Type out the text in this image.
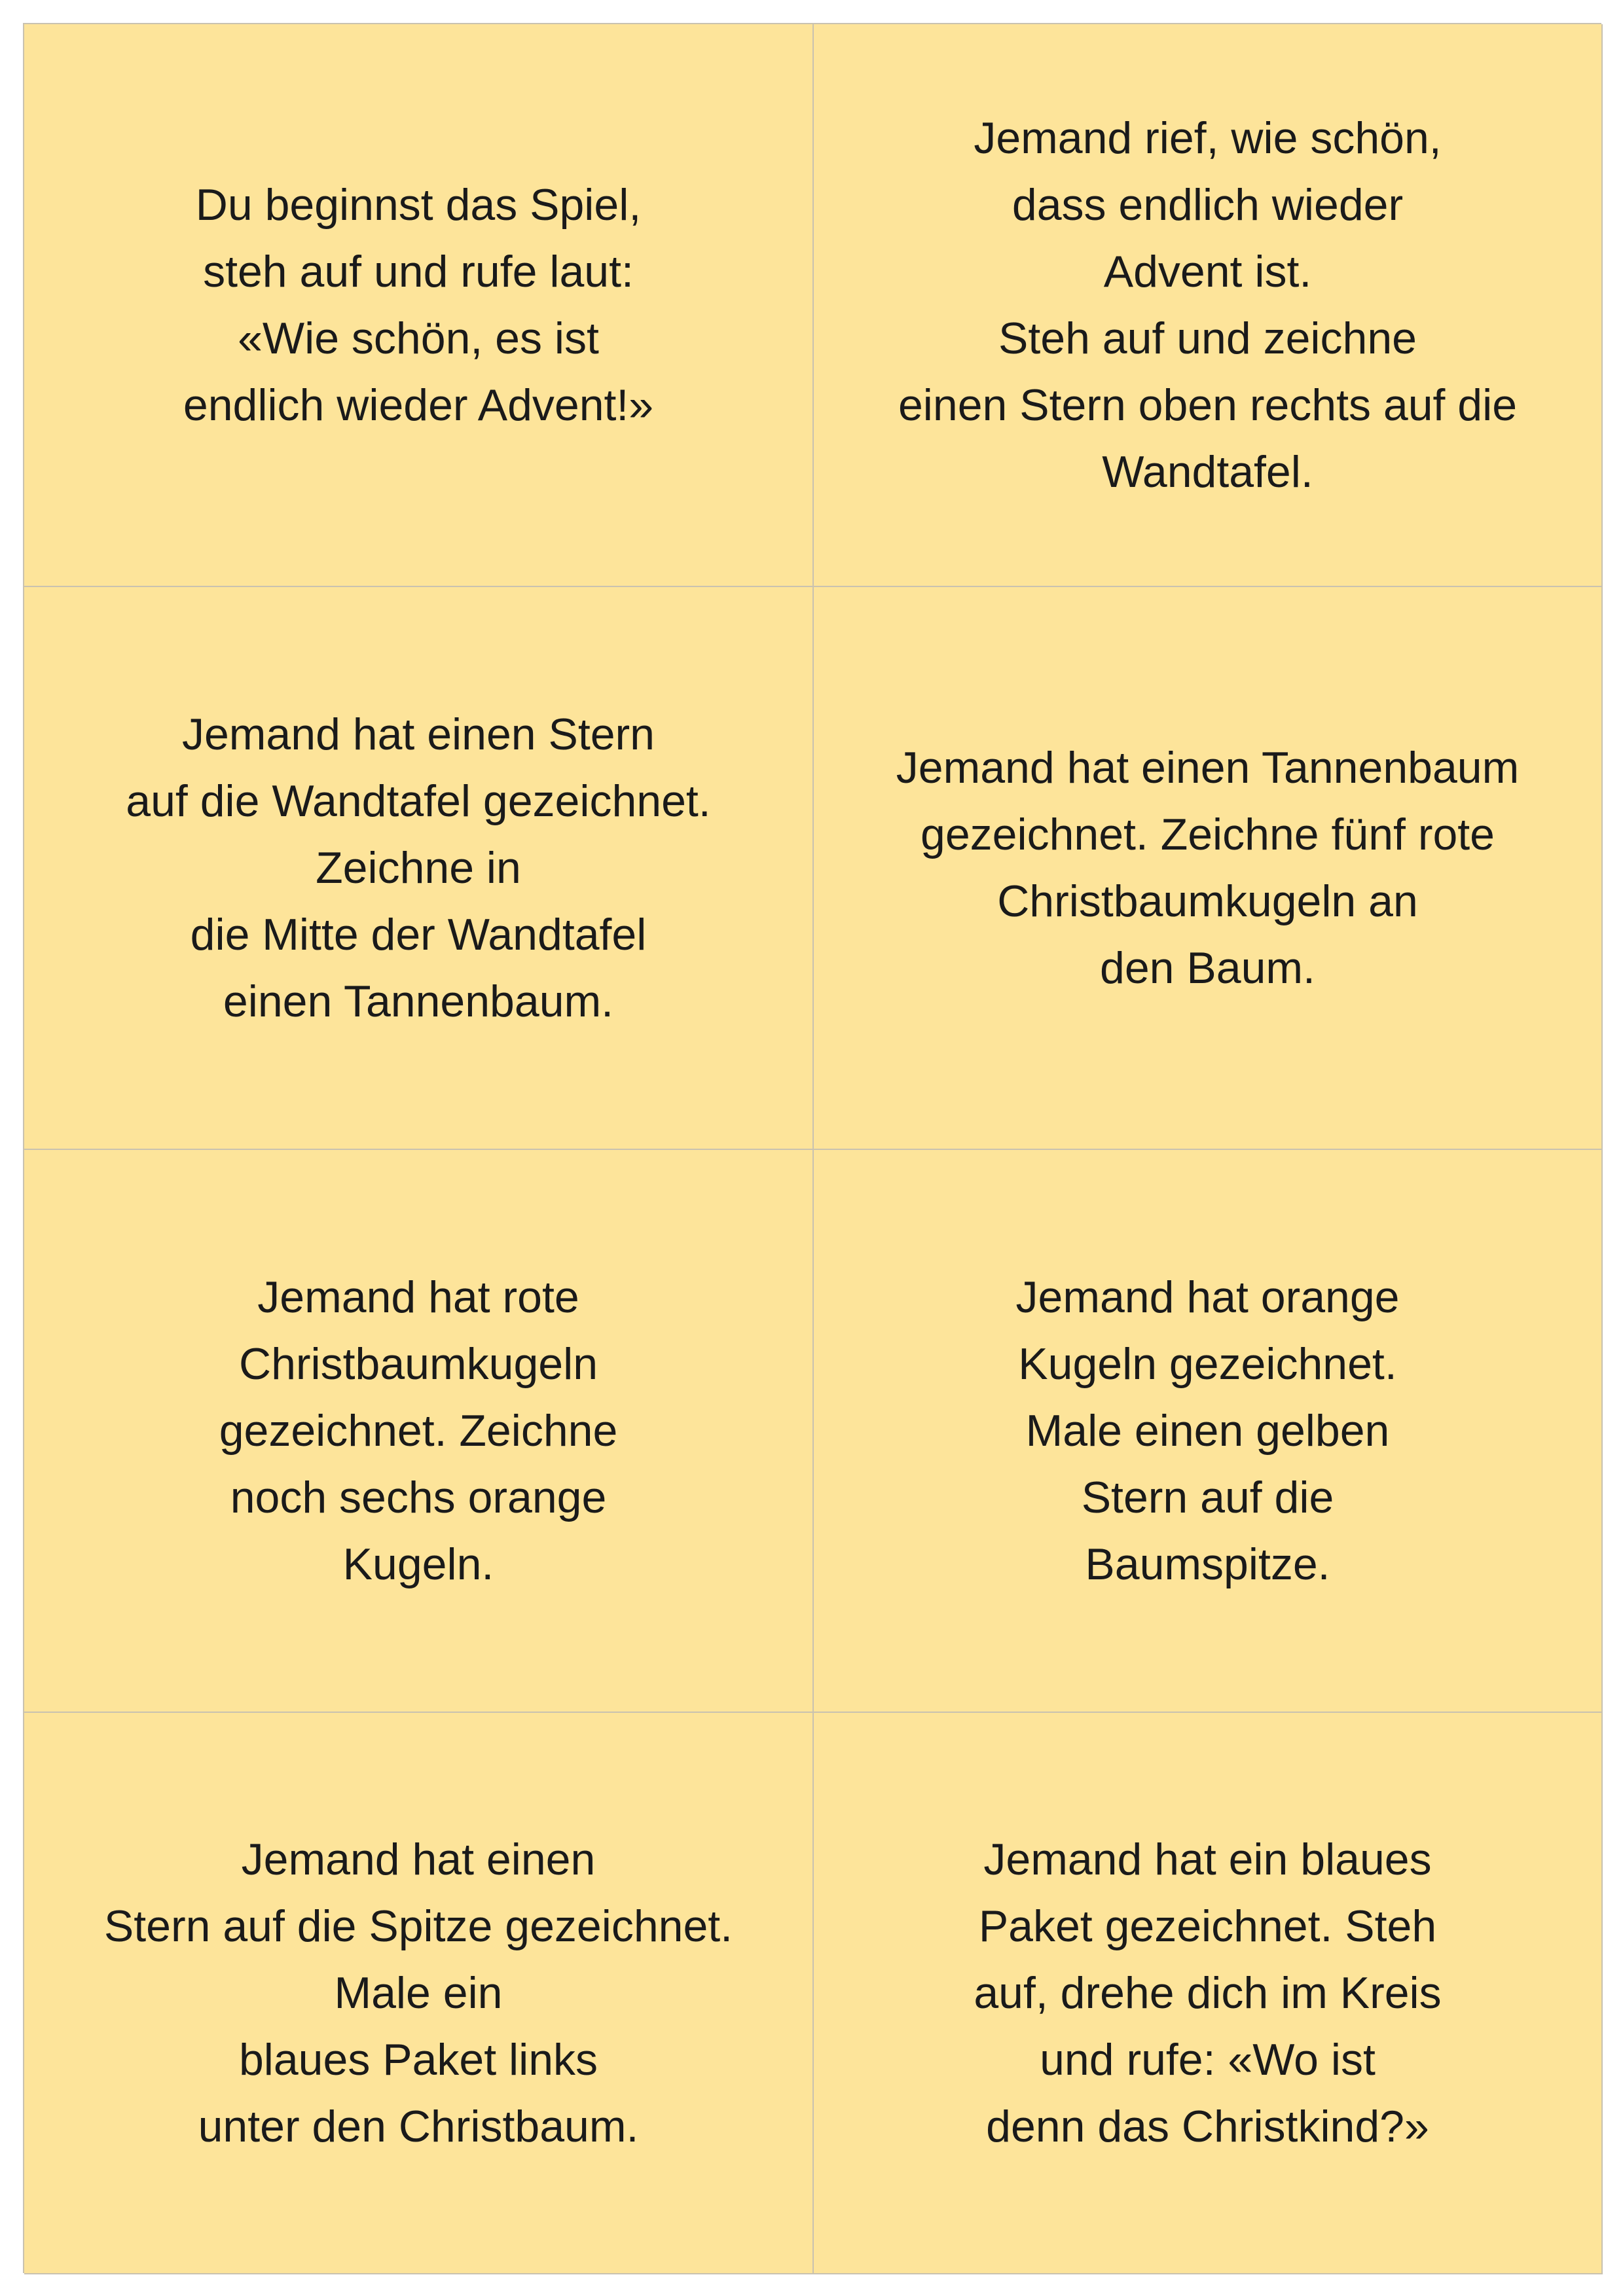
Du beginnst das Spiel,
steh auf und rufe laut:
«Wie schön, es ist
endlich wieder Advent!»
Jemand rief, wie schön,
dass endlich wieder
Advent ist.
Steh auf und zeichne
einen Stern oben rechts auf die
Wandtafel.
Jemand hat einen Stern
auf die Wandtafel gezeichnet.
Zeichne in
die Mitte der Wandtafel
einen Tannenbaum.
Jemand hat einen Tannenbaum
gezeichnet. Zeichne fünf rote
Christbaumkugeln an
den Baum.
Jemand hat rote
Christbaumkugeln
gezeichnet. Zeichne
noch sechs orange
Kugeln.
Jemand hat orange
Kugeln gezeichnet.
Male einen gelben
Stern auf die
Baumspitze.
Jemand hat einen
Stern auf die Spitze gezeichnet.
Male ein
blaues Paket links
unter den Christbaum.
Jemand hat ein blaues
Paket gezeichnet. Steh
auf, drehe dich im Kreis
und rufe: «Wo ist
denn das Christkind?»
